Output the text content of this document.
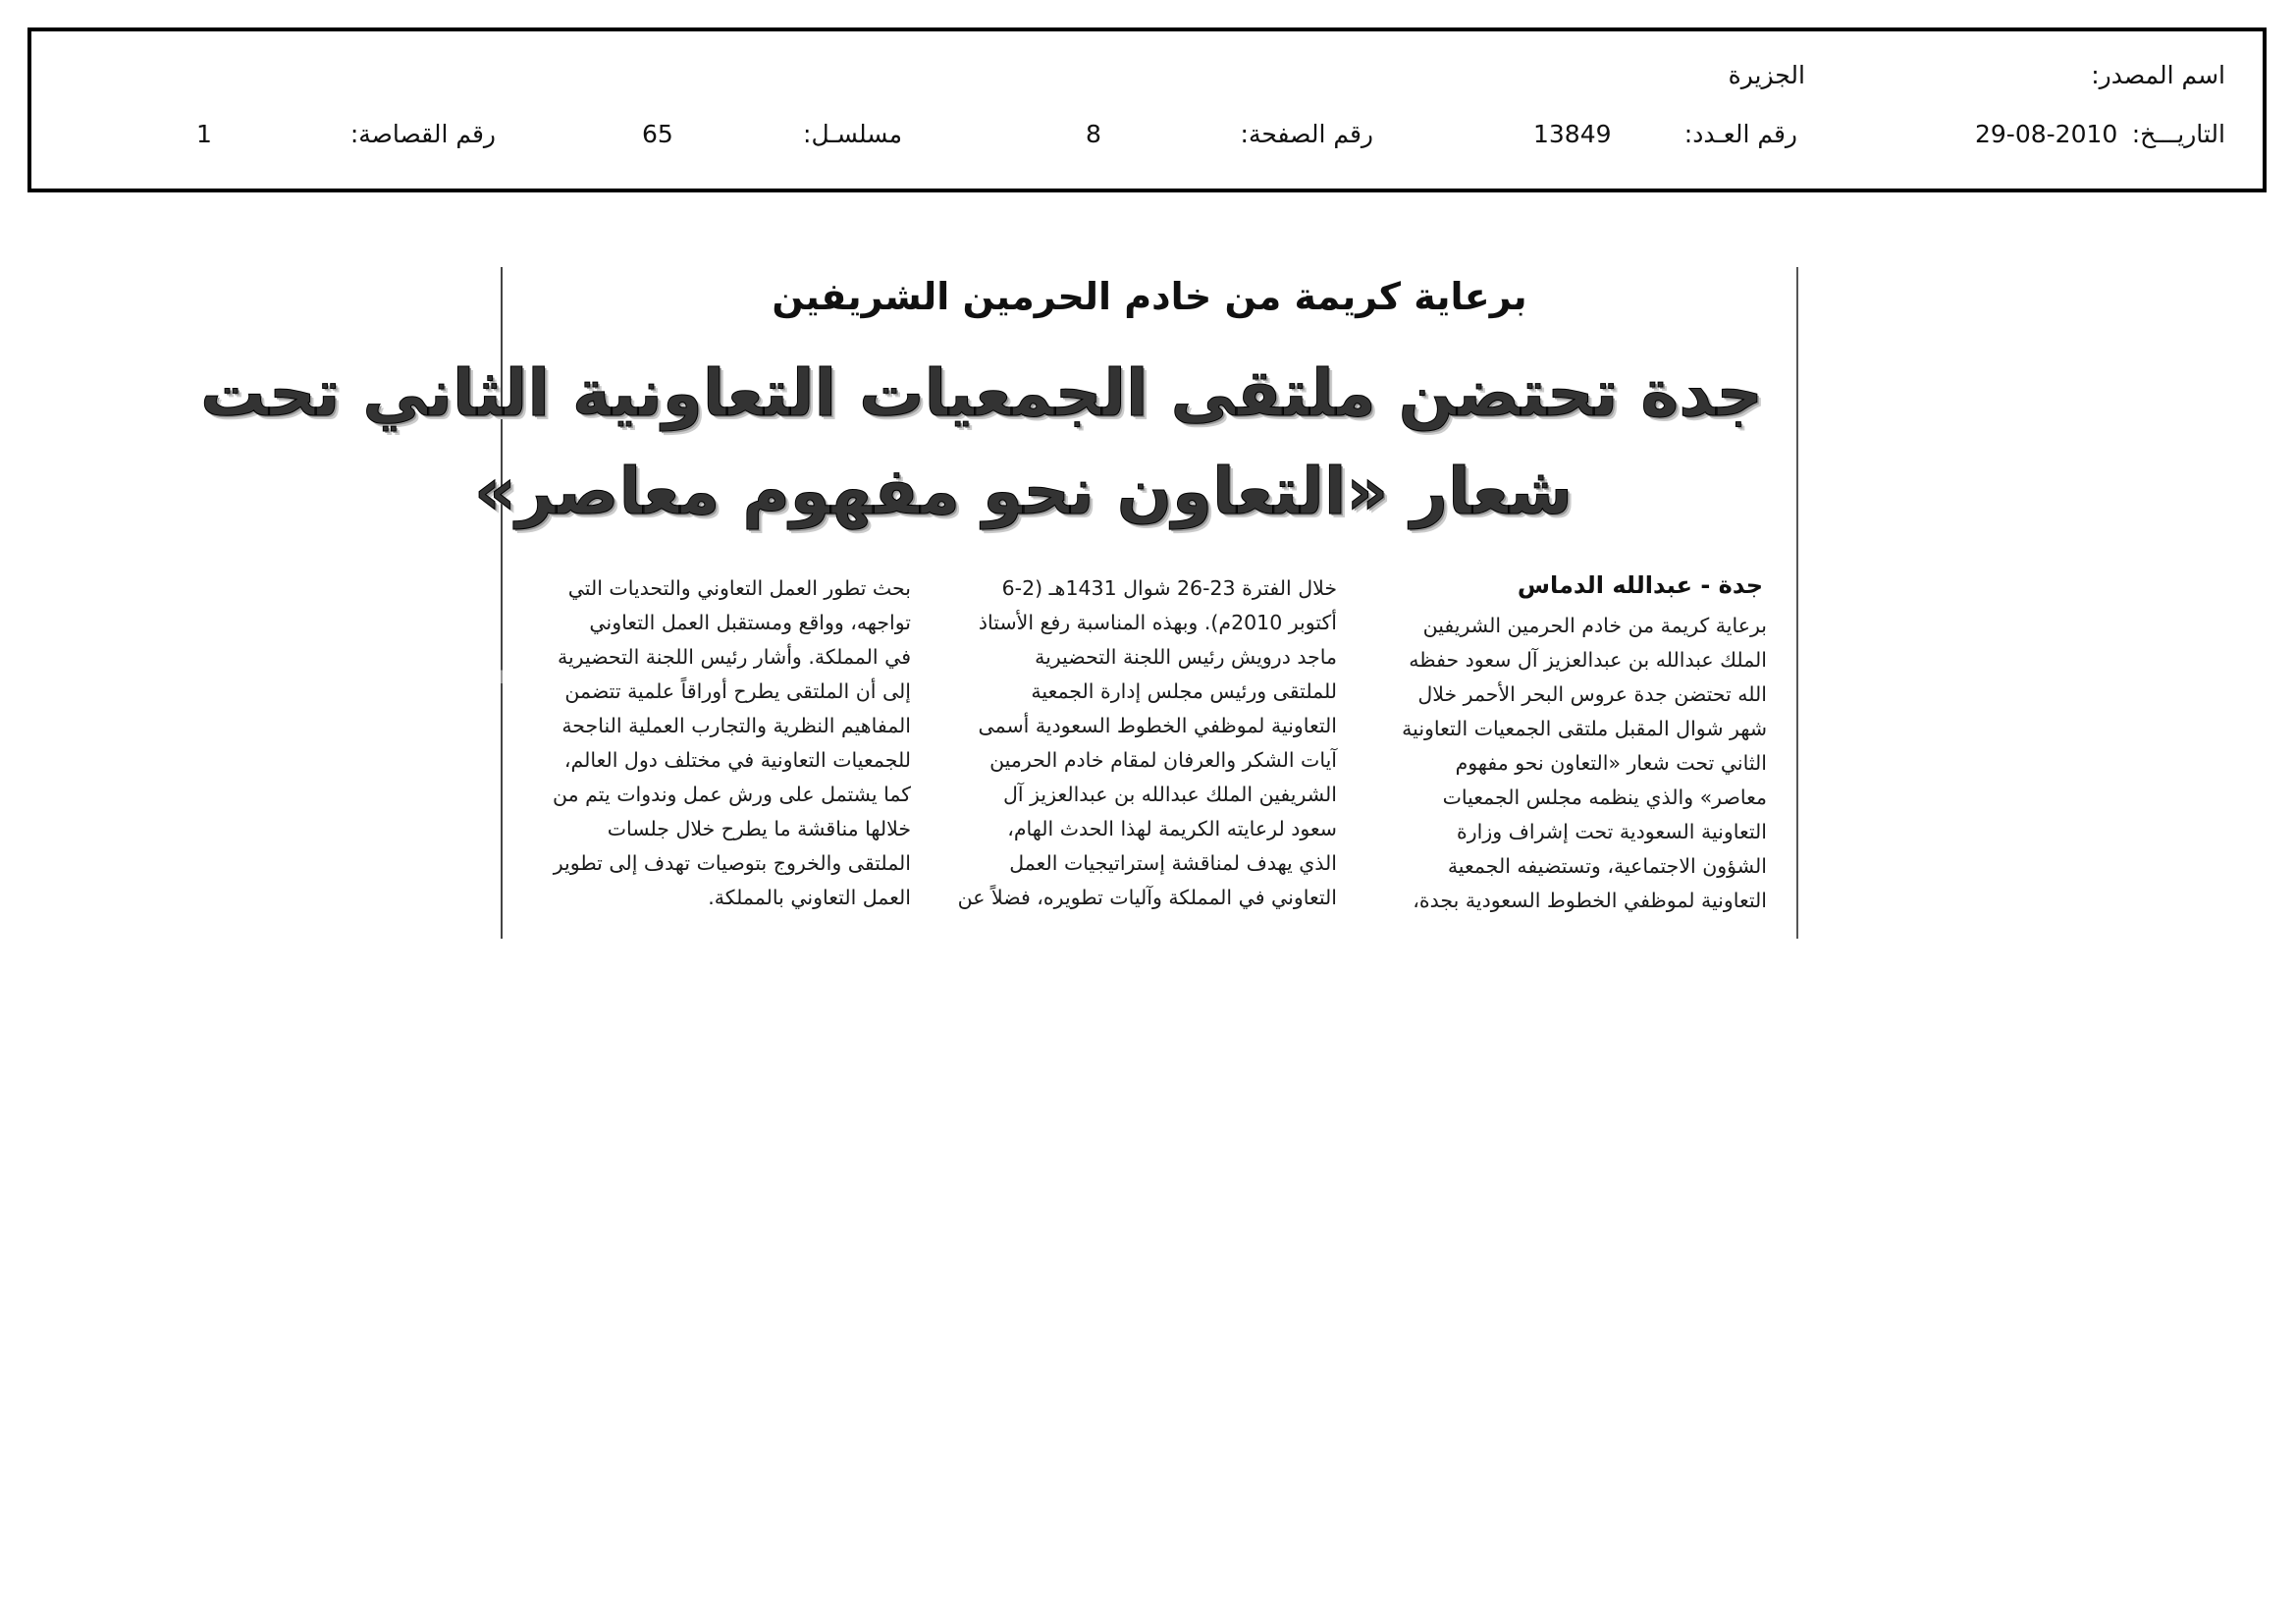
اسم المصدر:
الجزيرة
التاريـــخ:
29-08-2010
رقم العـدد:
13849
رقم الصفحة:
8
مسلسـل:
65
رقم القصاصة:
1
برعاية كريمة من خادم الحرمين الشريفين
جدة تحتضن ملتقى الجمعيات التعاونية الثاني تحت
شعار «التعاون نحو مفهوم معاصر»
جدة - عبدالله الدماس
برعاية كريمة من خادم الحرمين الشريفين
الملك عبدالله بن عبدالعزيز آل سعود حفظه
الله تحتضن جدة عروس البحر الأحمر خلال
شهر شوال المقبل ملتقى الجمعيات التعاونية
الثاني تحت شعار «التعاون نحو مفهوم
معاصر» والذي ينظمه مجلس الجمعيات
التعاونية السعودية تحت إشراف وزارة
الشؤون الاجتماعية، وتستضيفه الجمعية
التعاونية لموظفي الخطوط السعودية بجدة،
خلال الفترة 23-26 شوال 1431هـ (2-6
أكتوبر 2010م). وبهذه المناسبة رفع الأستاذ
ماجد درويش رئيس اللجنة التحضيرية
للملتقى ورئيس مجلس إدارة الجمعية
التعاونية لموظفي الخطوط السعودية أسمى
آيات الشكر والعرفان لمقام خادم الحرمين
الشريفين الملك عبدالله بن عبدالعزيز آل
سعود لرعايته الكريمة لهذا الحدث الهام،
الذي يهدف لمناقشة إستراتيجيات العمل
التعاوني في المملكة وآليات تطويره، فضلاً عن
بحث تطور العمل التعاوني والتحديات التي
تواجهه، وواقع ومستقبل العمل التعاوني
في المملكة. وأشار رئيس اللجنة التحضيرية
إلى أن الملتقى يطرح أوراقاً علمية تتضمن
المفاهيم النظرية والتجارب العملية الناجحة
للجمعيات التعاونية في مختلف دول العالم،
كما يشتمل على ورش عمل وندوات يتم من
خلالها مناقشة ما يطرح خلال جلسات
الملتقى والخروج بتوصيات تهدف إلى تطوير
العمل التعاوني بالمملكة.
